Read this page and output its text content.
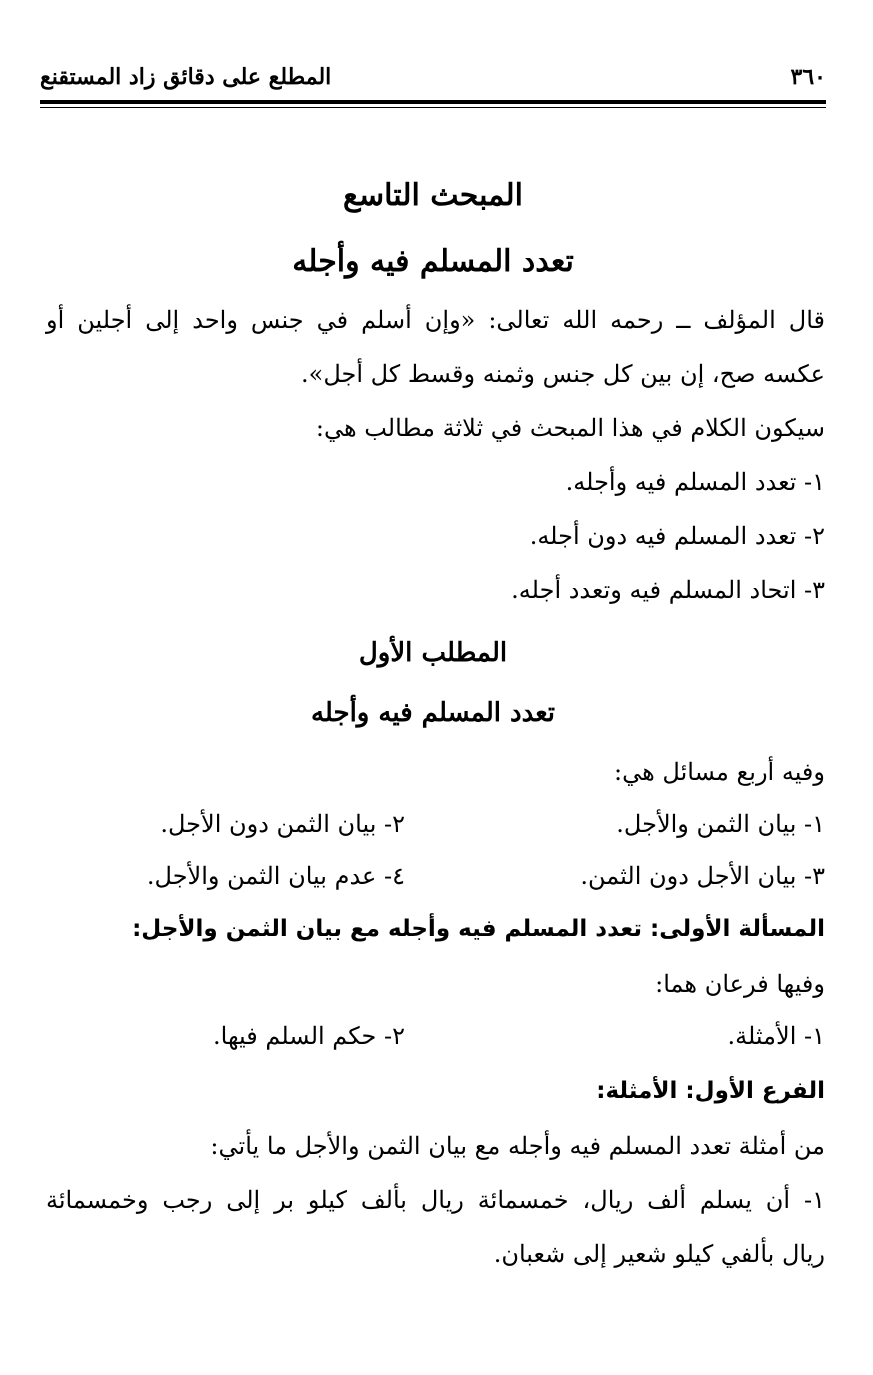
٣٦٠
المطلع على دقائق زاد المستقنع
المبحث التاسع
تعدد المسلم فيه وأجله
قال المؤلف ــ رحمه الله تعالى: «وإن أسلم في جنس واحد إلى أجلين أو
عكسه صح، إن بين كل جنس وثمنه وقسط كل أجل».
سيكون الكلام في هذا المبحث في ثلاثة مطالب هي:
١- تعدد المسلم فيه وأجله.
٢- تعدد المسلم فيه دون أجله.
٣- اتحاد المسلم فيه وتعدد أجله.
المطلب الأول
تعدد المسلم فيه وأجله
وفيه أربع مسائل هي:
١- بيان الثمن والأجل.
٢- بيان الثمن دون الأجل.
٣- بيان الأجل دون الثمن.
٤- عدم بيان الثمن والأجل.
المسألة الأولى: تعدد المسلم فيه وأجله مع بيان الثمن والأجل:
وفيها فرعان هما:
١- الأمثلة.
٢- حكم السلم فيها.
الفرع الأول: الأمثلة:
من أمثلة تعدد المسلم فيه وأجله مع بيان الثمن والأجل ما يأتي:
١- أن يسلم ألف ريال، خمسمائة ريال بألف كيلو بر إلى رجب وخمسمائة
ريال بألفي كيلو شعير إلى شعبان.
